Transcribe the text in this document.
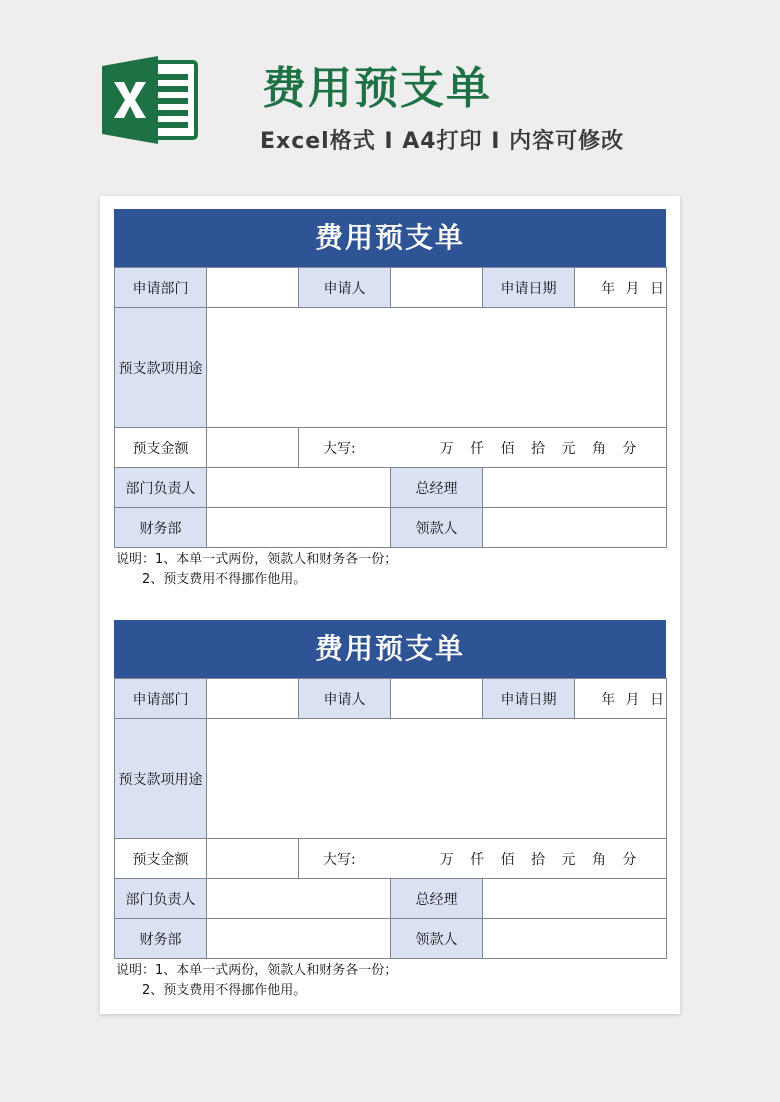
费用预支单
Excel格式 I A4打印 I 内容可修改
费用预支单
申请部门		申请人		申请日期	年 月 日
预支款项用途					
预支金额		大写: 万 仟 佰 拾 元 角 分			
部门负责人			总经理		
财务部			领款人		
说明：1、本单一式两份，领款人和财务各一份；
2、预支费用不得挪作他用。
费用预支单
申请部门		申请人		申请日期	年 月 日
预支款项用途					
预支金额		大写: 万 仟 佰 拾 元 角 分			
部门负责人			总经理		
财务部			领款人		
说明：1、本单一式两份，领款人和财务各一份；
2、预支费用不得挪作他用。
